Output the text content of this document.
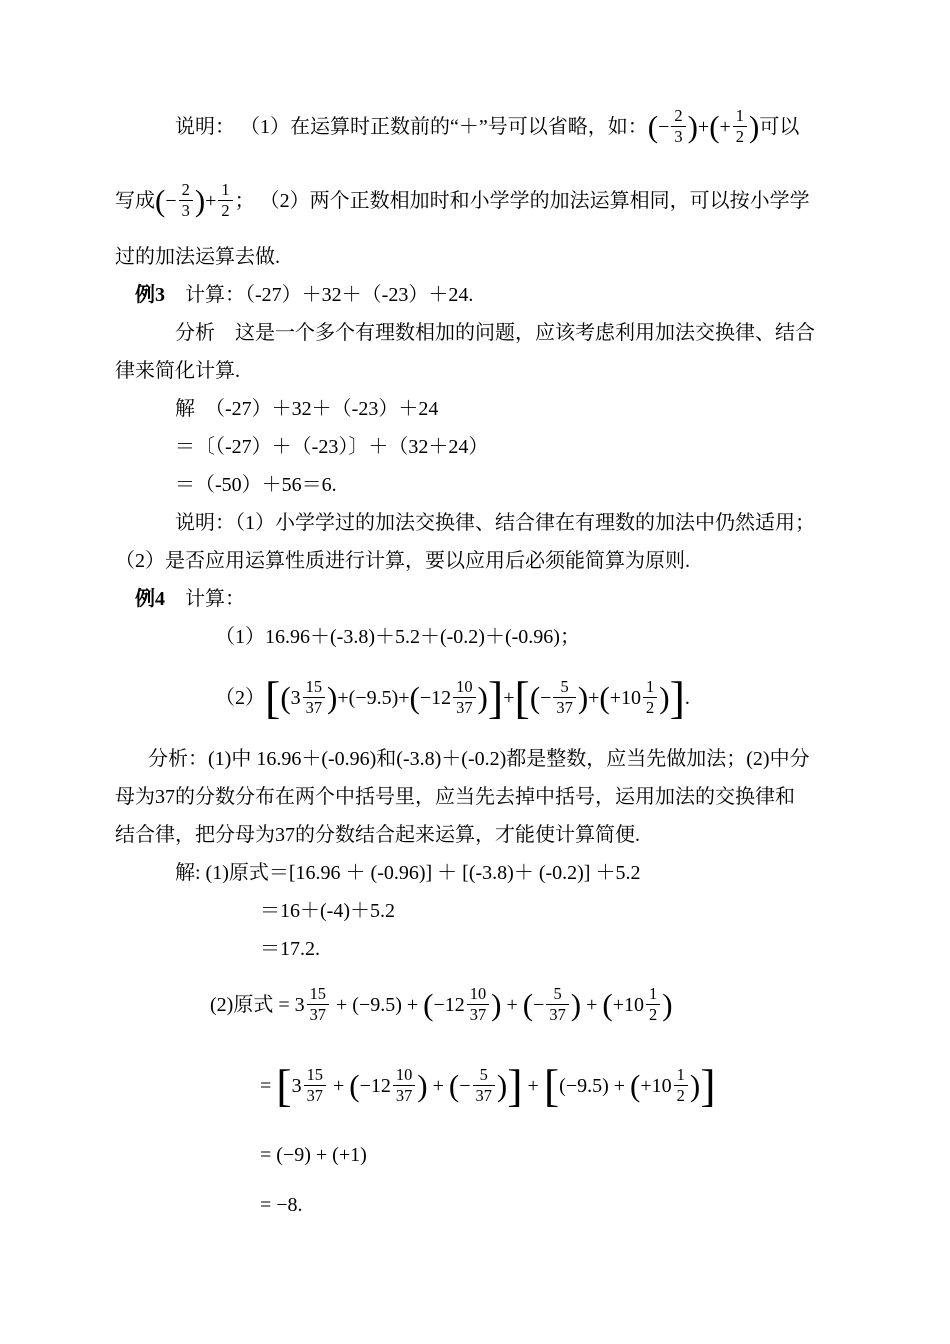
说明： （1）在运算时正数前的“＋”号可以省略，如：(− $\frac{2}{3}$ )+(+ $\frac{1}{2}$ )可以
写成(− $\frac{2}{3}$ )+ $\frac{1}{2}$ ； （2）两个正数相加时和小学学的加法运算相同，可以按小学学
过的加法运算去做.
例3　计算：（-27）＋32＋（-23）＋24.
分析　这是一个多个有理数相加的问题，应该考虑利用加法交换律、结合
律来简化计算.
解　（-27）＋32＋（-23）＋24
＝〔（-27）＋（-23）〕＋（32＋24）
＝（-50）＋56＝6.
说明：（1）小学学过的加法交换律、结合律在有理数的加法中仍然适用；
（2）是否应用运算性质进行计算，要以应用后必须能简算为原则.
例4　计算：
（1）16.96＋(-3.8)＋5.2＋(-0.2)＋(-0.96)；
$(2)[(3 \frac{15}{37} )+(-9.5)+(-12 \frac{10}{37}$ )]+[(− $\frac{5}{37} )+(+10 \frac{1}{2}$ )].
分析：(1)中 16.96＋(-0.96)和(-3.8)＋(-0.2)都是整数，应当先做加法；(2)中分
母为37的分数分布在两个中括号里，应当先去掉中括号，运用加法的交换律和
结合律，把分母为37的分数结合起来运算，才能使计算简便.
解: (1)原式＝[16.96 ＋ (-0.96)] ＋ [(-3.8)＋ (-0.2)] ＋5.2
＝16＋(-4)＋5.2
＝17.2.
(2)原式 = $3 \frac{15}{37} + (-9.5) + (-12 \frac{10}{37}$ ) + (− $\frac{5}{37}$ ) + ($+10 \frac{1}{2}$ )
= [$3 \frac{15}{37} + (-12 \frac{10}{37}$ ) + (− $\frac{5}{37}$ )] + [$(-9.5) + (+10 \frac{1}{2}$ )]
= (−9) + (+1)
= −8.
